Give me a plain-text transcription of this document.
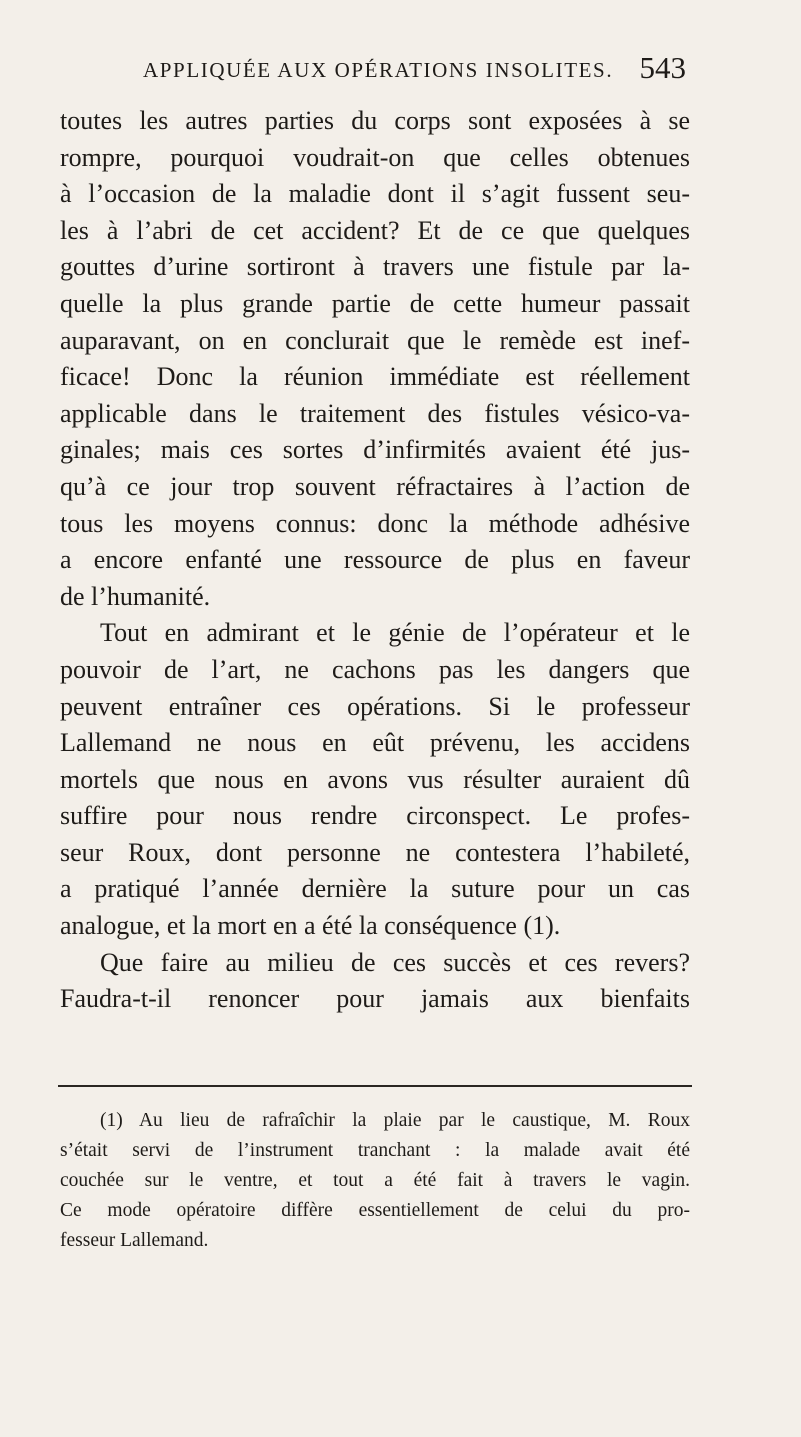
APPLIQUÉE AUX OPÉRATIONS INSOLITES. 543
toutes les autres parties du corps sont exposées à se
rompre, pourquoi voudrait-on que celles obtenues
à l’occasion de la maladie dont il s’agit fussent seu-
les à l’abri de cet accident? Et de ce que quelques
gouttes d’urine sortiront à travers une fistule par la-
quelle la plus grande partie de cette humeur passait
auparavant, on en conclurait que le remède est inef-
ficace! Donc la réunion immédiate est réellement
applicable dans le traitement des fistules vésico-va-
ginales; mais ces sortes d’infirmités avaient été jus-
qu’à ce jour trop souvent réfractaires à l’action de
tous les moyens connus: donc la méthode adhésive
a encore enfanté une ressource de plus en faveur
de l’humanité.
Tout en admirant et le génie de l’opérateur et le
pouvoir de l’art, ne cachons pas les dangers que
peuvent entraîner ces opérations. Si le professeur
Lallemand ne nous en eût prévenu, les accidens
mortels que nous en avons vus résulter auraient dû
suffire pour nous rendre circonspect. Le profes-
seur Roux, dont personne ne contestera l’habileté,
a pratiqué l’année dernière la suture pour un cas
analogue, et la mort en a été la conséquence (1).
Que faire au milieu de ces succès et ces revers?
Faudra-t-il renoncer pour jamais aux bienfaits
(1) Au lieu de rafraîchir la plaie par le caustique, M. Roux
s’était servi de l’instrument tranchant : la malade avait été
couchée sur le ventre, et tout a été fait à travers le vagin.
Ce mode opératoire diffère essentiellement de celui du pro-
fesseur Lallemand.
